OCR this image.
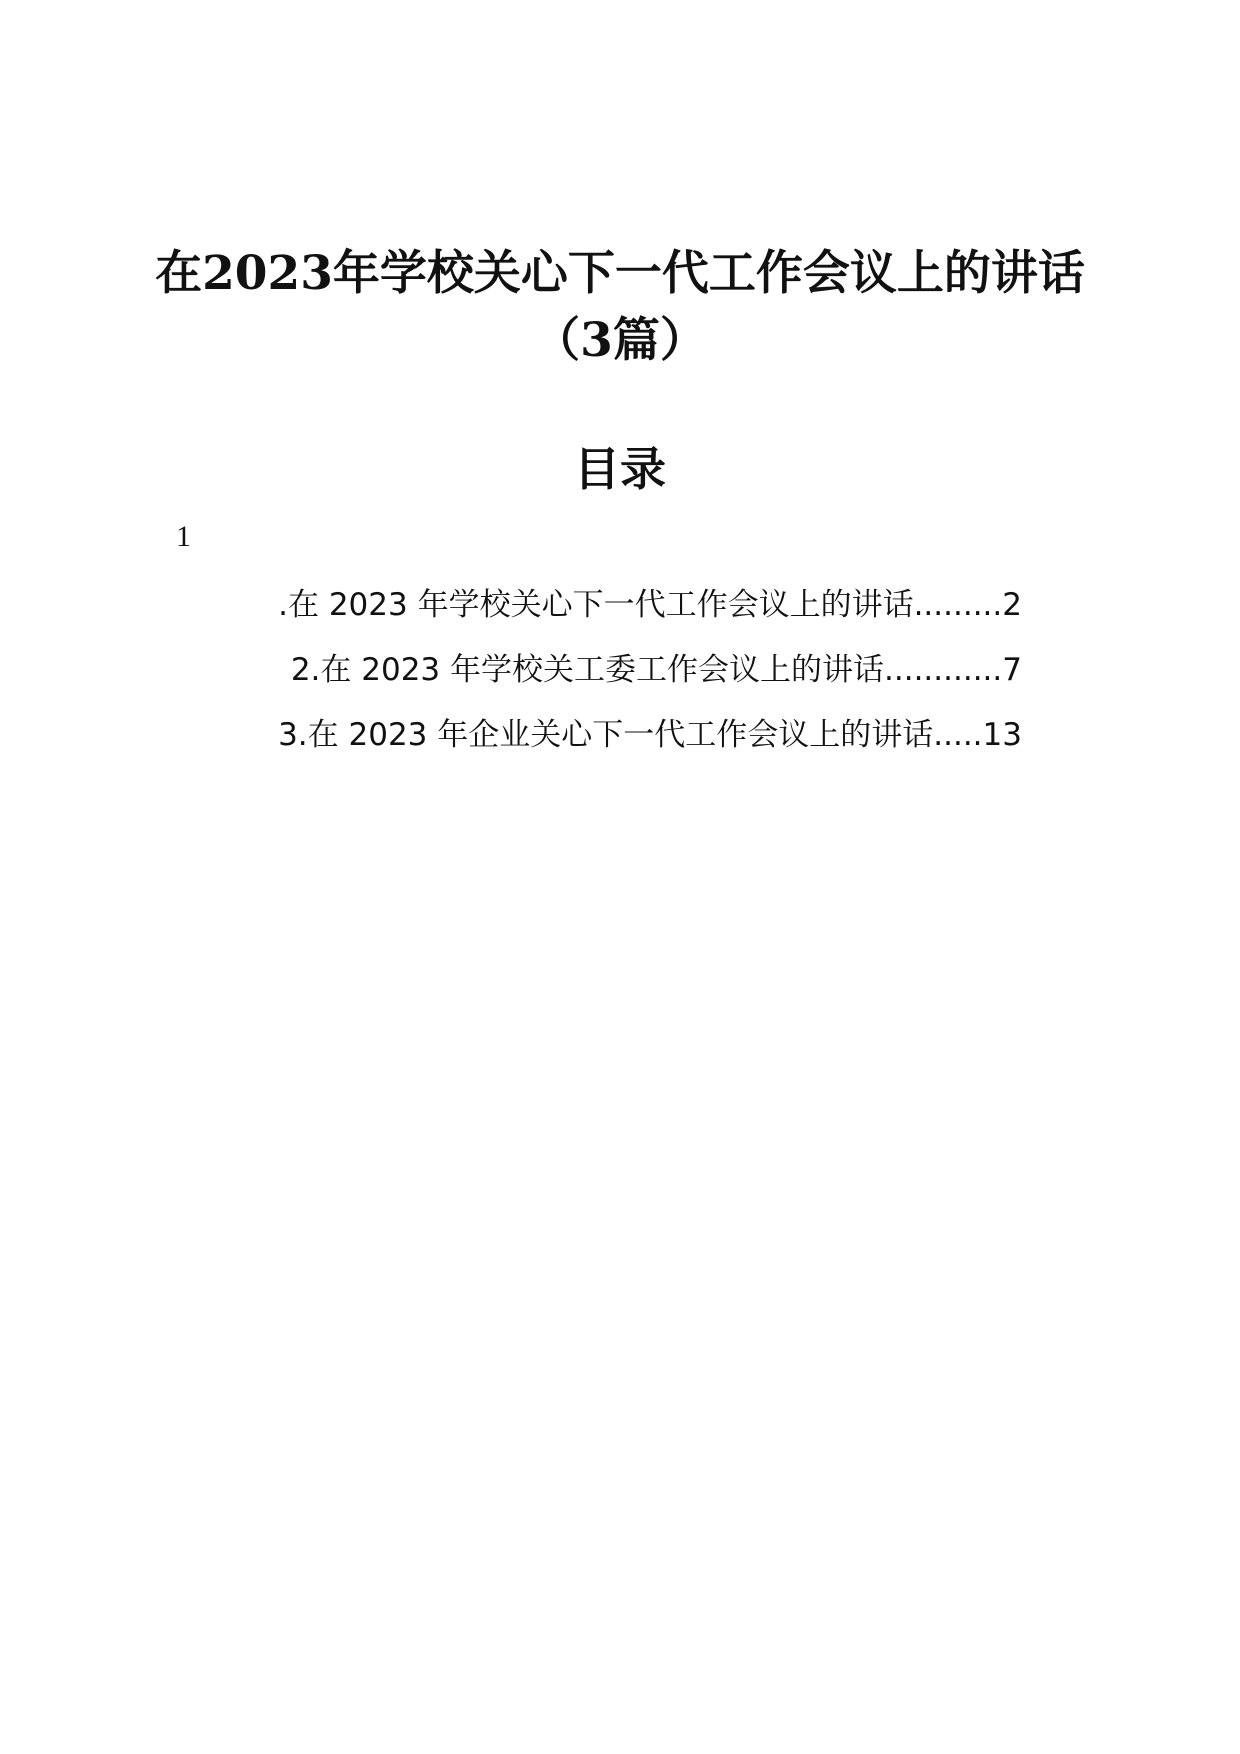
在2023年学校关心下一代工作会议上的讲话
（3篇）
目录
1
.在 2023 年学校关心下一代工作会议上的讲话.........2
2.在 2023 年学校关工委工作会议上的讲话............7
3.在 2023 年企业关心下一代工作会议上的讲话.....13
